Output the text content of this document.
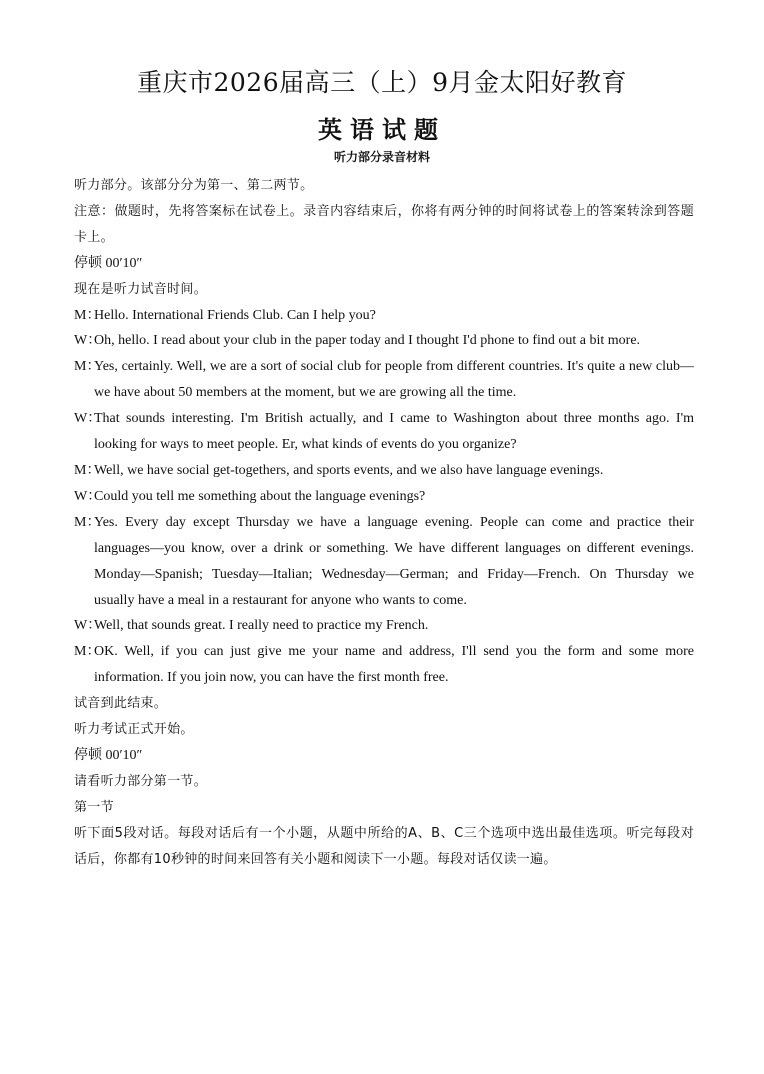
重庆市2026届高三（上）9月金太阳好教育
英语试题
听力部分录音材料

听力部分。该部分分为第一、第二两节。

注意：做题时，先将答案标在试卷上。录音内容结束后，你将有两分钟的时间将试卷上的答案转涂到答题卡上。

停顿 00′10″

现在是听力试音时间。

M：Hello. International Friends Club. Can I help you?

W：Oh, hello. I read about your club in the paper today and I thought I'd phone to find out a bit more.

M：Yes, certainly. Well, we are a sort of social club for people from different countries. It's quite a new club—we have about 50 members at the moment, but we are growing all the time.

W：That sounds interesting. I'm British actually, and I came to Washington about three months ago. I'm looking for ways to meet people. Er, what kinds of events do you organize?

M：Well, we have social get-togethers, and sports events, and we also have language evenings.

W：Could you tell me something about the language evenings?

M：Yes. Every day except Thursday we have a language evening. People can come and practice their languages—you know, over a drink or something. We have different languages on different evenings. Monday—Spanish; Tuesday—Italian; Wednesday—German; and Friday—French. On Thursday we usually have a meal in a restaurant for anyone who wants to come.

W：Well, that sounds great. I really need to practice my French.

M：OK. Well, if you can just give me your name and address, I'll send you the form and some more information. If you join now, you can have the first month free.

试音到此结束。

听力考试正式开始。

停顿 00′10″

请看听力部分第一节。

第一节

听下面5段对话。每段对话后有一个小题，从题中所给的A、B、C三个选项中选出最佳选项。听完每段对话后，你都有10秒钟的时间来回答有关小题和阅读下一小题。每段对话仅读一遍。
